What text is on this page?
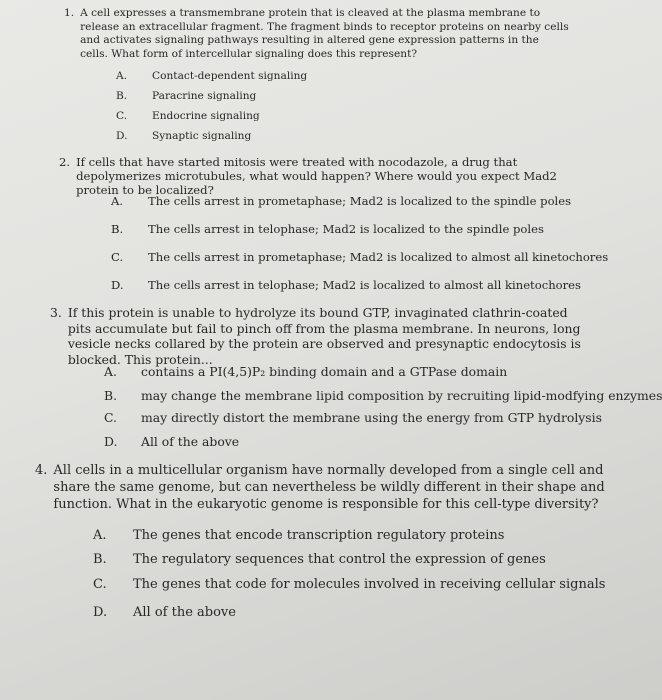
1. A cell expresses a transmembrane protein that is cleaved at the plasma membrane to release an extracellular fragment. The fragment binds to receptor proteins on nearby cells and activates signaling pathways resulting in altered gene expression patterns in the cells. What form of intercellular signaling does this represent?
A. Contact-dependent signaling
B. Paracrine signaling
C. Endocrine signaling
D. Synaptic signaling
2. If cells that have started mitosis were treated with nocodazole, a drug that depolymerizes microtubules, what would happen? Where would you expect Mad2 protein to be localized?
A. The cells arrest in prometaphase; Mad2 is localized to the spindle poles
B. The cells arrest in telophase; Mad2 is localized to the spindle poles
C. The cells arrest in prometaphase; Mad2 is localized to almost all kinetochores
D. The cells arrest in telophase; Mad2 is localized to almost all kinetochores
3. If this protein is unable to hydrolyze its bound GTP, invaginated clathrin-coated pits accumulate but fail to pinch off from the plasma membrane. In neurons, long vesicle necks collared by the protein are observed and presynaptic endocytosis is blocked. This protein...
A. contains a PI(4,5)P₂ binding domain and a GTPase domain
B. may change the membrane lipid composition by recruiting lipid-modfying enzymes
C. may directly distort the membrane using the energy from GTP hydrolysis
D. All of the above
4. All cells in a multicellular organism have normally developed from a single cell and share the same genome, but can nevertheless be wildly different in their shape and function. What in the eukaryotic genome is responsible for this cell-type diversity?
A. The genes that encode transcription regulatory proteins
B. The regulatory sequences that control the expression of genes
C. The genes that code for molecules involved in receiving cellular signals
D. All of the above
